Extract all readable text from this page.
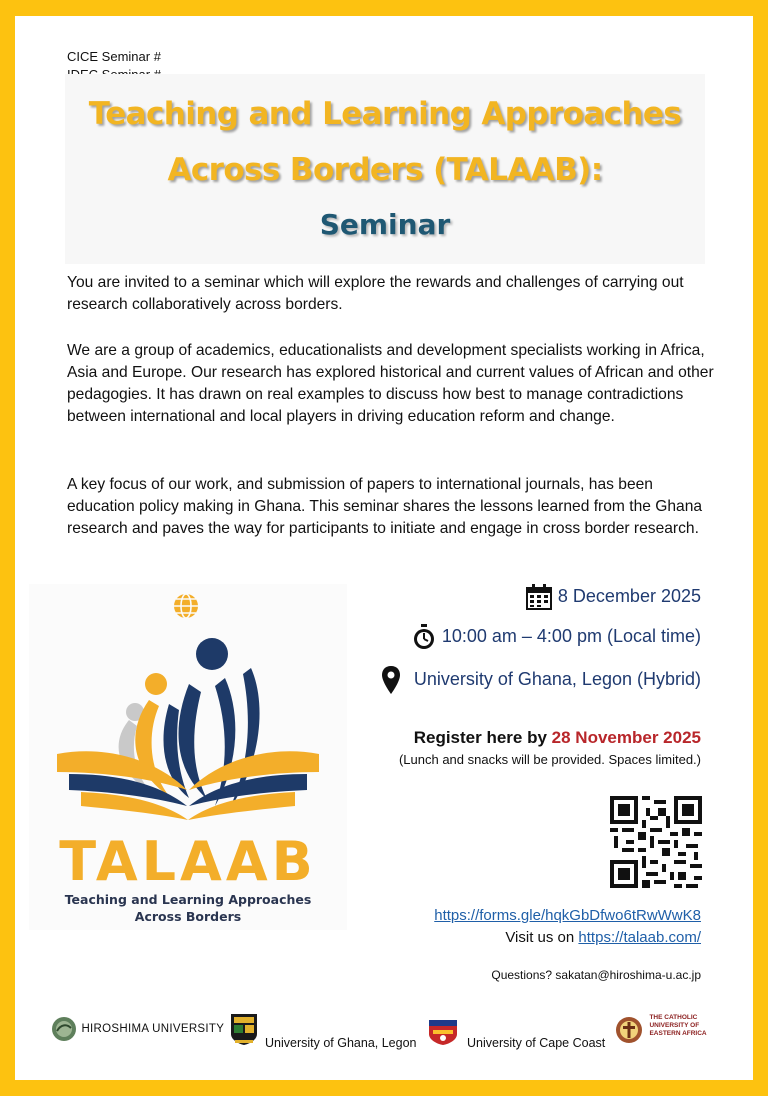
CICE Seminar #
Teaching and Learning Approaches
Across Borders (TALAAB):
Seminar

You are invited to a seminar which will explore the rewards and challenges of carrying out research collaboratively across borders.

We are a group of academics, educationalists and development specialists working in Africa, Asia and Europe. Our research has explored historical and current values of African and other pedagogies. It has drawn on real examples to discuss how best to manage contradictions between international and local players in driving education reform and change.

A key focus of our work, and submission of papers to international journals, has been education policy making in Ghana. This seminar shares the lessons learned from the Ghana research and paves the way for participants to initiate and engage in cross border research.

TALAAB
Teaching and Learning Approaches
Across Borders
8 December 2025
10:00 am – 4:00 pm (Local time)
University of Ghana, Legon (Hybrid)
Register here by 28 November 2025
(Lunch and snacks will be provided. Spaces limited.)
https://forms.gle/hqkGbDfwo6tRwWwK8
Visit us on https://talaab.com/
Questions? sakatan@hiroshima-u.ac.jp
HIROSHIMA UNIVERSITY
University of Ghana, Legon	University of Cape Coast

THE CATHOLIC
UNIVERSITY OF
EASTERN AFRICA
